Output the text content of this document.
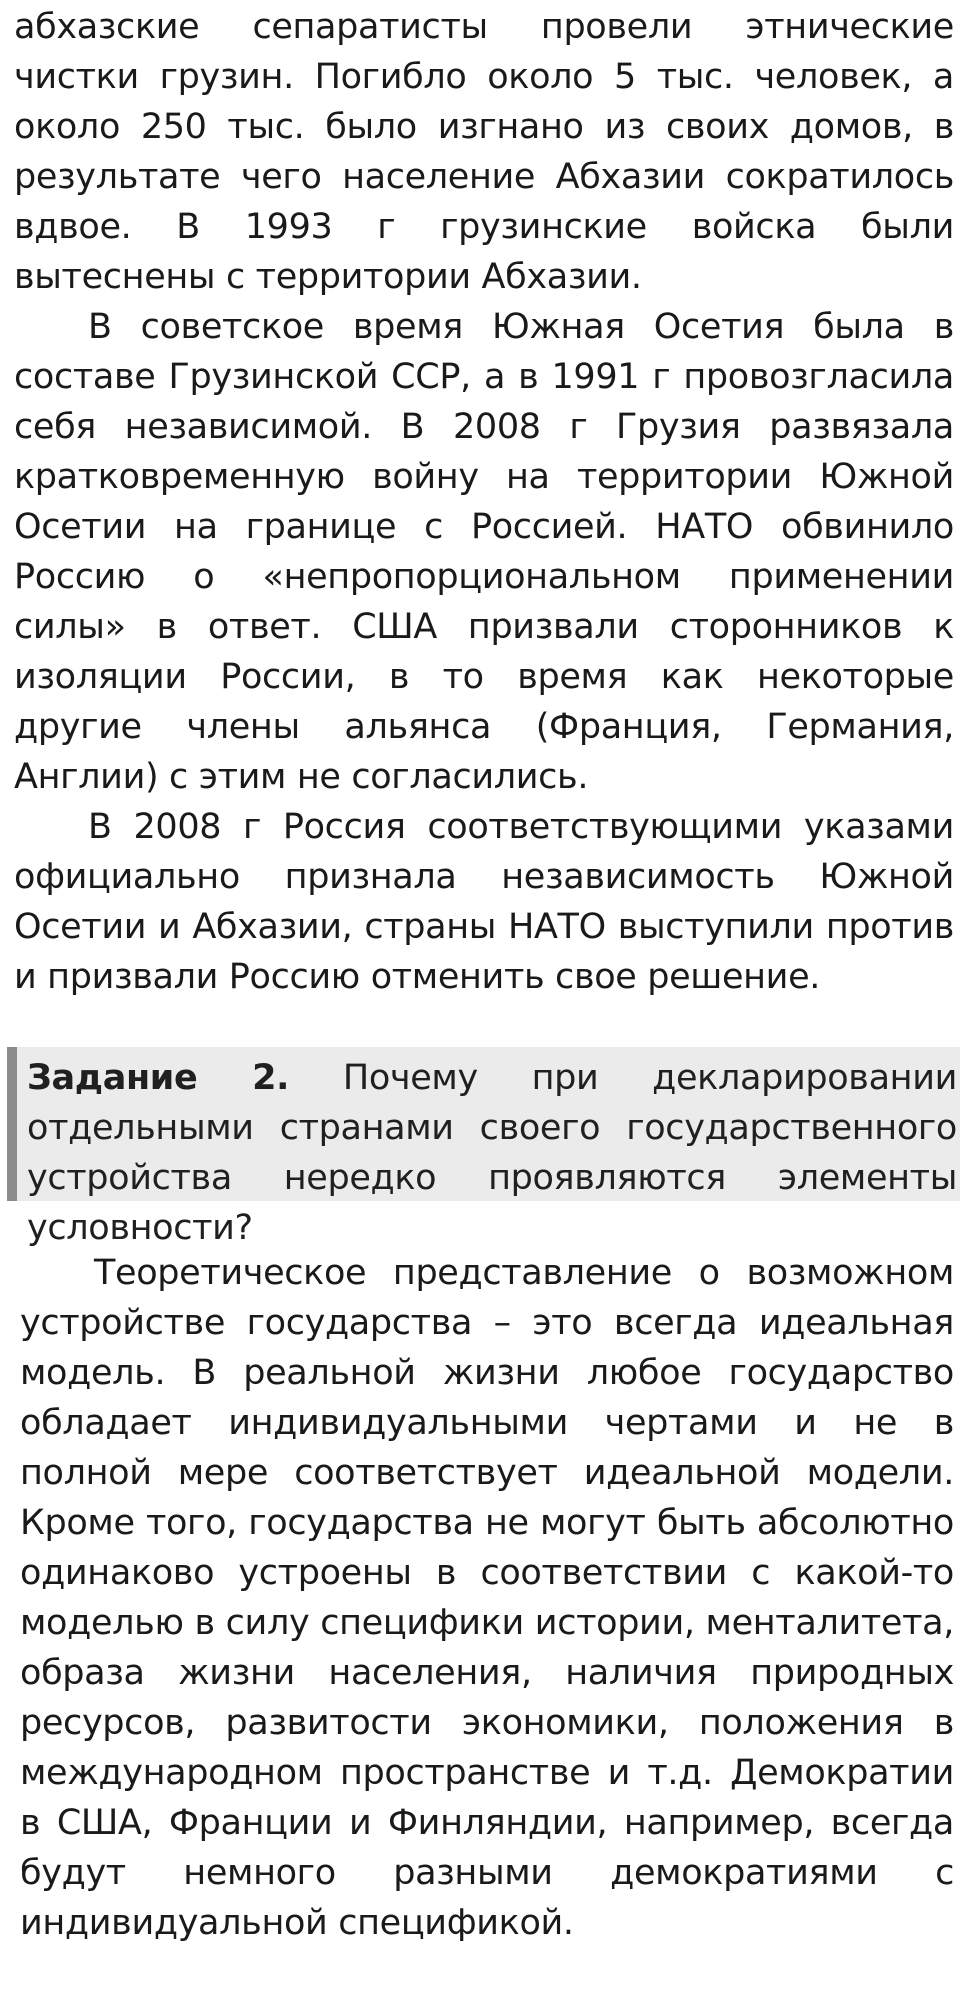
абхазские сепаратисты провели этнические чистки грузин. Погибло около 5 тыс. человек, а около 250 тыс. было изгнано из своих домов, в результате чего население Абхазии сократилось вдвое. В 1993 г грузинские войска были вытеснены с территории Абхазии.

В советское время Южная Осетия была в составе Грузинской ССР, а в 1991 г провозгласила себя независимой. В 2008 г Грузия развязала кратковременную войну на территории Южной Осетии на границе с Россией. НАТО обвинило Россию о «непропорциональном применении силы» в ответ. США призвали сторонников к изоляции России, в то время как некоторые другие члены альянса (Франция, Германия, Англии) с этим не согласились.

В 2008 г Россия соответствующими указами официально признала независимость Южной Осетии и Абхазии, страны НАТО выступили против и призвали Россию отменить свое решение.

Задание 2. Почему при декларировании отдельными странами своего государственного устройства нередко проявляются элементы условности?

Теоретическое представление о возможном устройстве государства – это всегда идеальная модель. В реальной жизни любое государство обладает индивидуальными чертами и не в полной мере соответствует идеальной модели. Кроме того, государства не могут быть абсолютно одинаково устроены в соответствии с какой-то моделью в силу специфики истории, менталитета, образа жизни населения, наличия природных ресурсов, развитости экономики, положения в международном пространстве и т.д. Демократии в США, Франции и Финляндии, например, всегда будут немного разными демократиями с индивидуальной спецификой.
